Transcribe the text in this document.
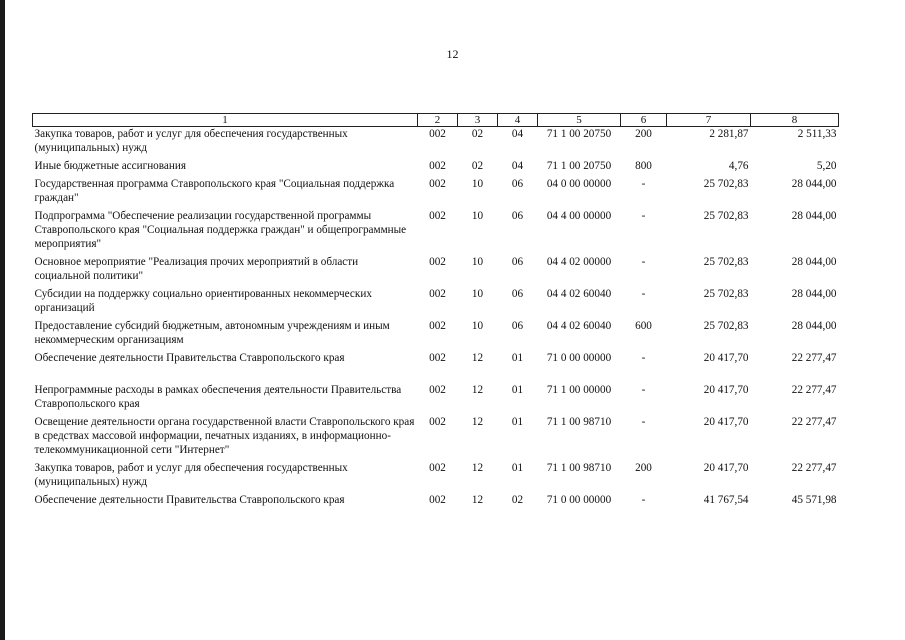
12
1	2	3	4	5	6	7	8
Закупка товаров, работ и услуг для обеспечения государственных (муниципальных) нужд	002	02	04	71 1 00 20750	200	2 281,87	2 511,33
Иные бюджетные ассигнования	002	02	04	71 1 00 20750	800	4,76	5,20
Государственная программа Ставропольского края "Социальная поддержка граждан"	002	10	06	04 0 00 00000	-	25 702,83	28 044,00
Подпрограмма "Обеспечение реализации государственной программы Ставропольского края "Социальная поддержка граждан" и общепрограммные мероприятия"	002	10	06	04 4 00 00000	-	25 702,83	28 044,00
Основное мероприятие "Реализация прочих мероприятий в области социальной политики"	002	10	06	04 4 02 00000	-	25 702,83	28 044,00
Субсидии на поддержку социально ориентированных некоммерческих организаций	002	10	06	04 4 02 60040	-	25 702,83	28 044,00
Предоставление субсидий бюджетным, автономным учреждениям и иным некоммерческим организациям	002	10	06	04 4 02 60040	600	25 702,83	28 044,00
Обеспечение деятельности Правительства Ставропольского края	002	12	01	71 0 00 00000	-	20 417,70	22 277,47
Непрограммные расходы в рамках обеспечения деятельности Правительства Ставропольского края	002	12	01	71 1 00 00000	-	20 417,70	22 277,47
Освещение деятельности органа государственной власти Ставропольского края в средствах массовой информации, печатных изданиях, в информационно-телекоммуникационной сети "Интернет"	002	12	01	71 1 00 98710	-	20 417,70	22 277,47
Закупка товаров, работ и услуг для обеспечения государственных (муниципальных) нужд	002	12	01	71 1 00 98710	200	20 417,70	22 277,47
Обеспечение деятельности Правительства Ставропольского края	002	12	02	71 0 00 00000	-	41 767,54	45 571,98
